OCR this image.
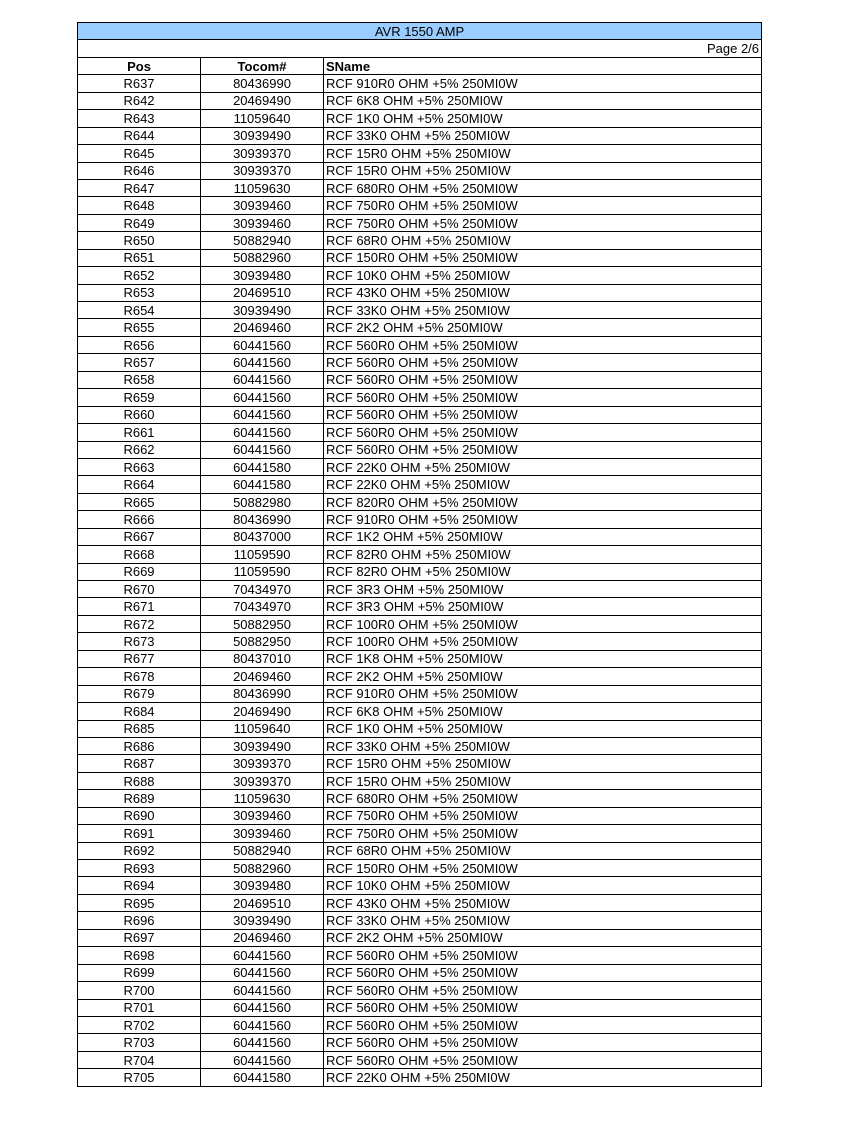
AVR 1550 AMP		
Page 2/6		
Pos	Tocom#	SName
R637	80436990	RCF 910R0 OHM +5% 250MI0W
R642	20469490	RCF 6K8 OHM +5% 250MI0W
R643	11059640	RCF 1K0 OHM +5% 250MI0W
R644	30939490	RCF 33K0 OHM +5% 250MI0W
R645	30939370	RCF 15R0 OHM +5% 250MI0W
R646	30939370	RCF 15R0 OHM +5% 250MI0W
R647	11059630	RCF 680R0 OHM +5% 250MI0W
R648	30939460	RCF 750R0 OHM +5% 250MI0W
R649	30939460	RCF 750R0 OHM +5% 250MI0W
R650	50882940	RCF 68R0 OHM +5% 250MI0W
R651	50882960	RCF 150R0 OHM +5% 250MI0W
R652	30939480	RCF 10K0 OHM +5% 250MI0W
R653	20469510	RCF 43K0 OHM +5% 250MI0W
R654	30939490	RCF 33K0 OHM +5% 250MI0W
R655	20469460	RCF 2K2 OHM +5% 250MI0W
R656	60441560	RCF 560R0 OHM +5% 250MI0W
R657	60441560	RCF 560R0 OHM +5% 250MI0W
R658	60441560	RCF 560R0 OHM +5% 250MI0W
R659	60441560	RCF 560R0 OHM +5% 250MI0W
R660	60441560	RCF 560R0 OHM +5% 250MI0W
R661	60441560	RCF 560R0 OHM +5% 250MI0W
R662	60441560	RCF 560R0 OHM +5% 250MI0W
R663	60441580	RCF 22K0 OHM +5% 250MI0W
R664	60441580	RCF 22K0 OHM +5% 250MI0W
R665	50882980	RCF 820R0 OHM +5% 250MI0W
R666	80436990	RCF 910R0 OHM +5% 250MI0W
R667	80437000	RCF 1K2 OHM +5% 250MI0W
R668	11059590	RCF 82R0 OHM +5% 250MI0W
R669	11059590	RCF 82R0 OHM +5% 250MI0W
R670	70434970	RCF 3R3 OHM +5% 250MI0W
R671	70434970	RCF 3R3 OHM +5% 250MI0W
R672	50882950	RCF 100R0 OHM +5% 250MI0W
R673	50882950	RCF 100R0 OHM +5% 250MI0W
R677	80437010	RCF 1K8 OHM +5% 250MI0W
R678	20469460	RCF 2K2 OHM +5% 250MI0W
R679	80436990	RCF 910R0 OHM +5% 250MI0W
R684	20469490	RCF 6K8 OHM +5% 250MI0W
R685	11059640	RCF 1K0 OHM +5% 250MI0W
R686	30939490	RCF 33K0 OHM +5% 250MI0W
R687	30939370	RCF 15R0 OHM +5% 250MI0W
R688	30939370	RCF 15R0 OHM +5% 250MI0W
R689	11059630	RCF 680R0 OHM +5% 250MI0W
R690	30939460	RCF 750R0 OHM +5% 250MI0W
R691	30939460	RCF 750R0 OHM +5% 250MI0W
R692	50882940	RCF 68R0 OHM +5% 250MI0W
R693	50882960	RCF 150R0 OHM +5% 250MI0W
R694	30939480	RCF 10K0 OHM +5% 250MI0W
R695	20469510	RCF 43K0 OHM +5% 250MI0W
R696	30939490	RCF 33K0 OHM +5% 250MI0W
R697	20469460	RCF 2K2 OHM +5% 250MI0W
R698	60441560	RCF 560R0 OHM +5% 250MI0W
R699	60441560	RCF 560R0 OHM +5% 250MI0W
R700	60441560	RCF 560R0 OHM +5% 250MI0W
R701	60441560	RCF 560R0 OHM +5% 250MI0W
R702	60441560	RCF 560R0 OHM +5% 250MI0W
R703	60441560	RCF 560R0 OHM +5% 250MI0W
R704	60441560	RCF 560R0 OHM +5% 250MI0W
R705	60441580	RCF 22K0 OHM +5% 250MI0W
